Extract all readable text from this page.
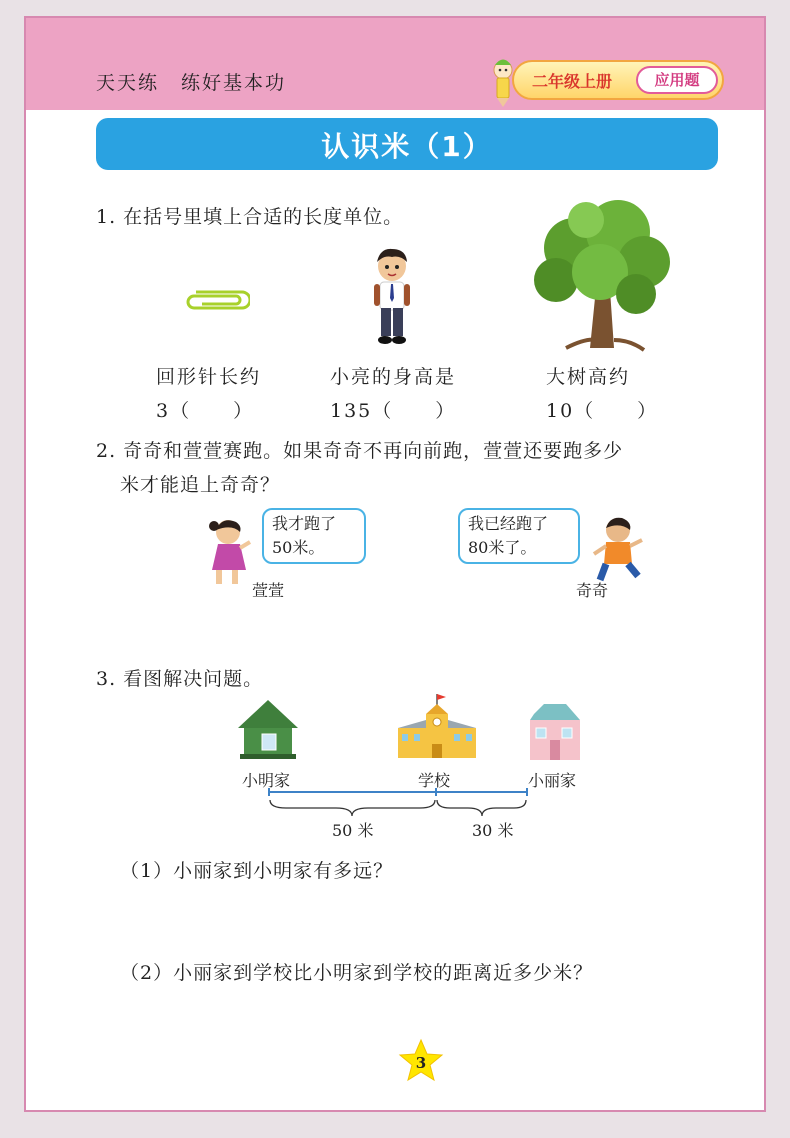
天天练 练好基本功	二年级上册	应用题
认识米（1）
1. 在括号里填上合适的长度单位。
回形针长约
3（　　）
小亮的身高是
135（　　）
大树高约
10（　　）
2. 奇奇和萱萱赛跑。如果奇奇不再向前跑，萱萱还要跑多少
米才能追上奇奇？
我才跑了
50米。
萱萱
我已经跑了
80米了。
奇奇
3. 看图解决问题。
小明家	学校	小丽家
50 米	30 米
（1）小丽家到小明家有多远？
（2）小丽家到学校比小明家到学校的距离近多少米？
3
